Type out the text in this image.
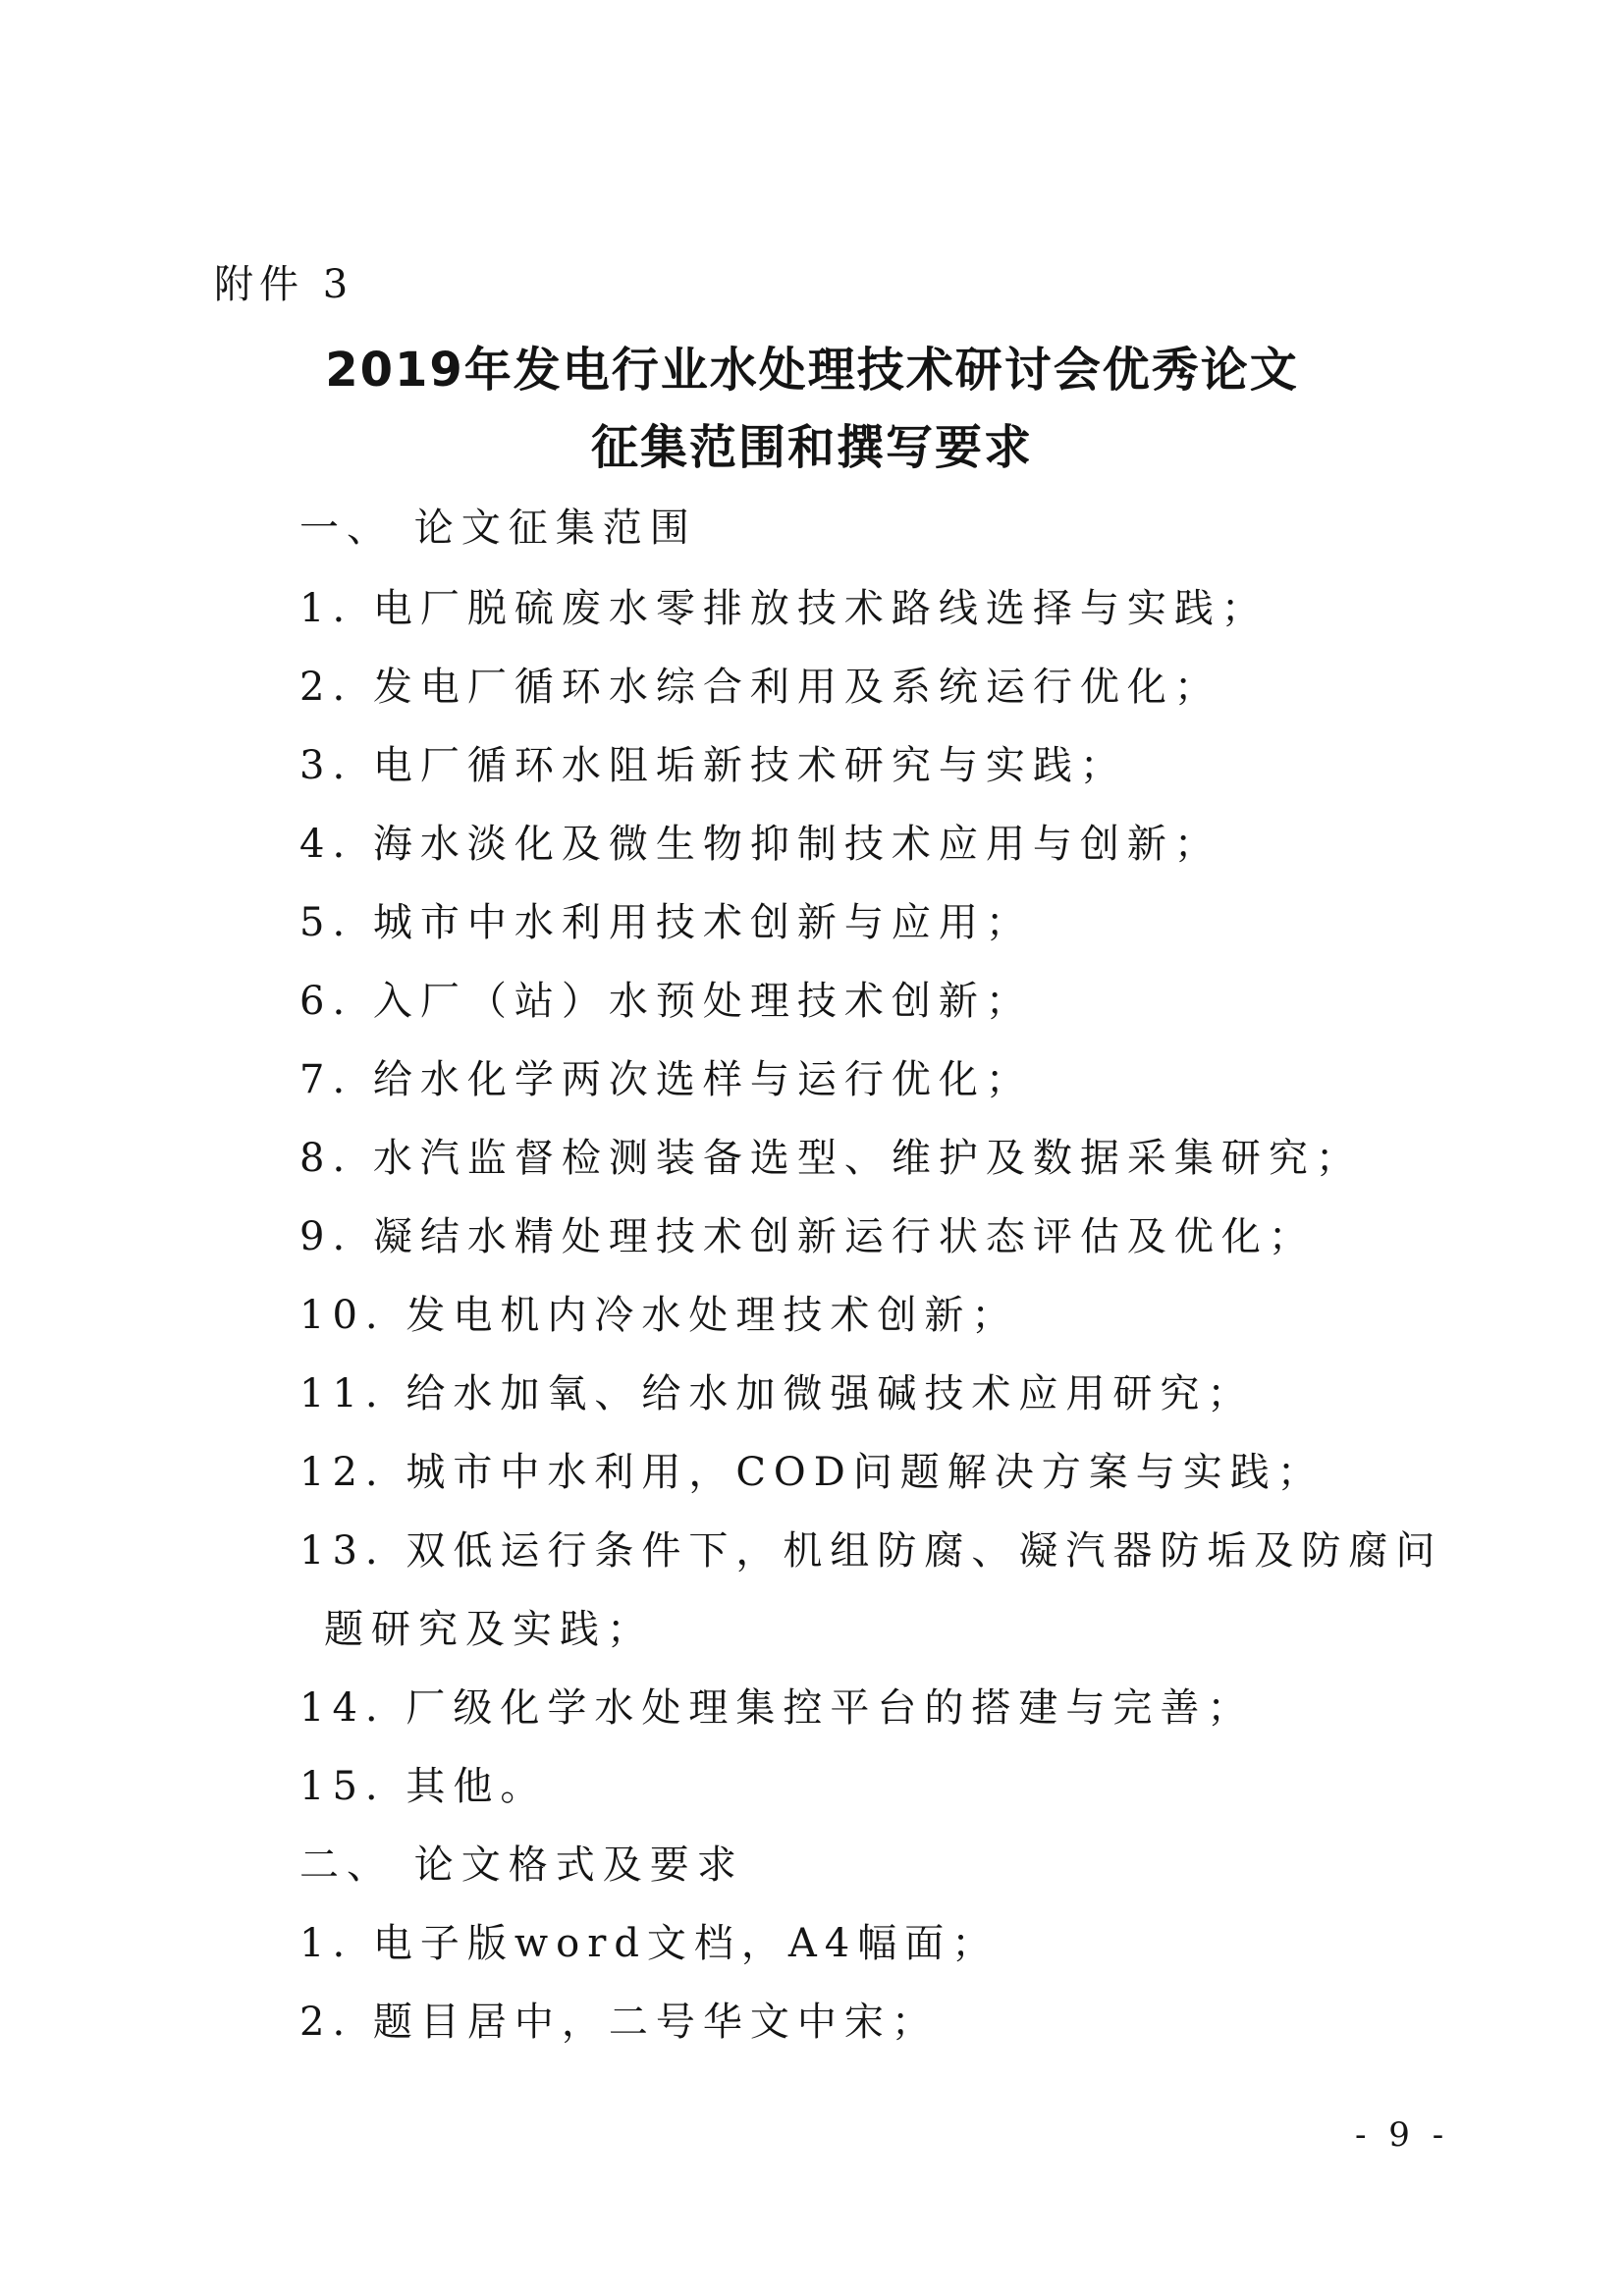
附件 3
2019年发电行业水处理技术研讨会优秀论文
征集范围和撰写要求
一、 论文征集范围
1. 电厂脱硫废水零排放技术路线选择与实践；
2. 发电厂循环水综合利用及系统运行优化；
3. 电厂循环水阻垢新技术研究与实践；
4. 海水淡化及微生物抑制技术应用与创新；
5. 城市中水利用技术创新与应用；
6. 入厂（站）水预处理技术创新；
7. 给水化学两次选样与运行优化；
8. 水汽监督检测装备选型、维护及数据采集研究；
9. 凝结水精处理技术创新运行状态评估及优化；
10. 发电机内冷水处理技术创新；
11. 给水加氧、给水加微强碱技术应用研究；
12. 城市中水利用，COD问题解决方案与实践；
13. 双低运行条件下，机组防腐、凝汽器防垢及防腐问
题研究及实践；
14. 厂级化学水处理集控平台的搭建与完善；
15. 其他。
二、 论文格式及要求
1. 电子版word文档，A4幅面；
2. 题目居中，二号华文中宋；
- 9 -
